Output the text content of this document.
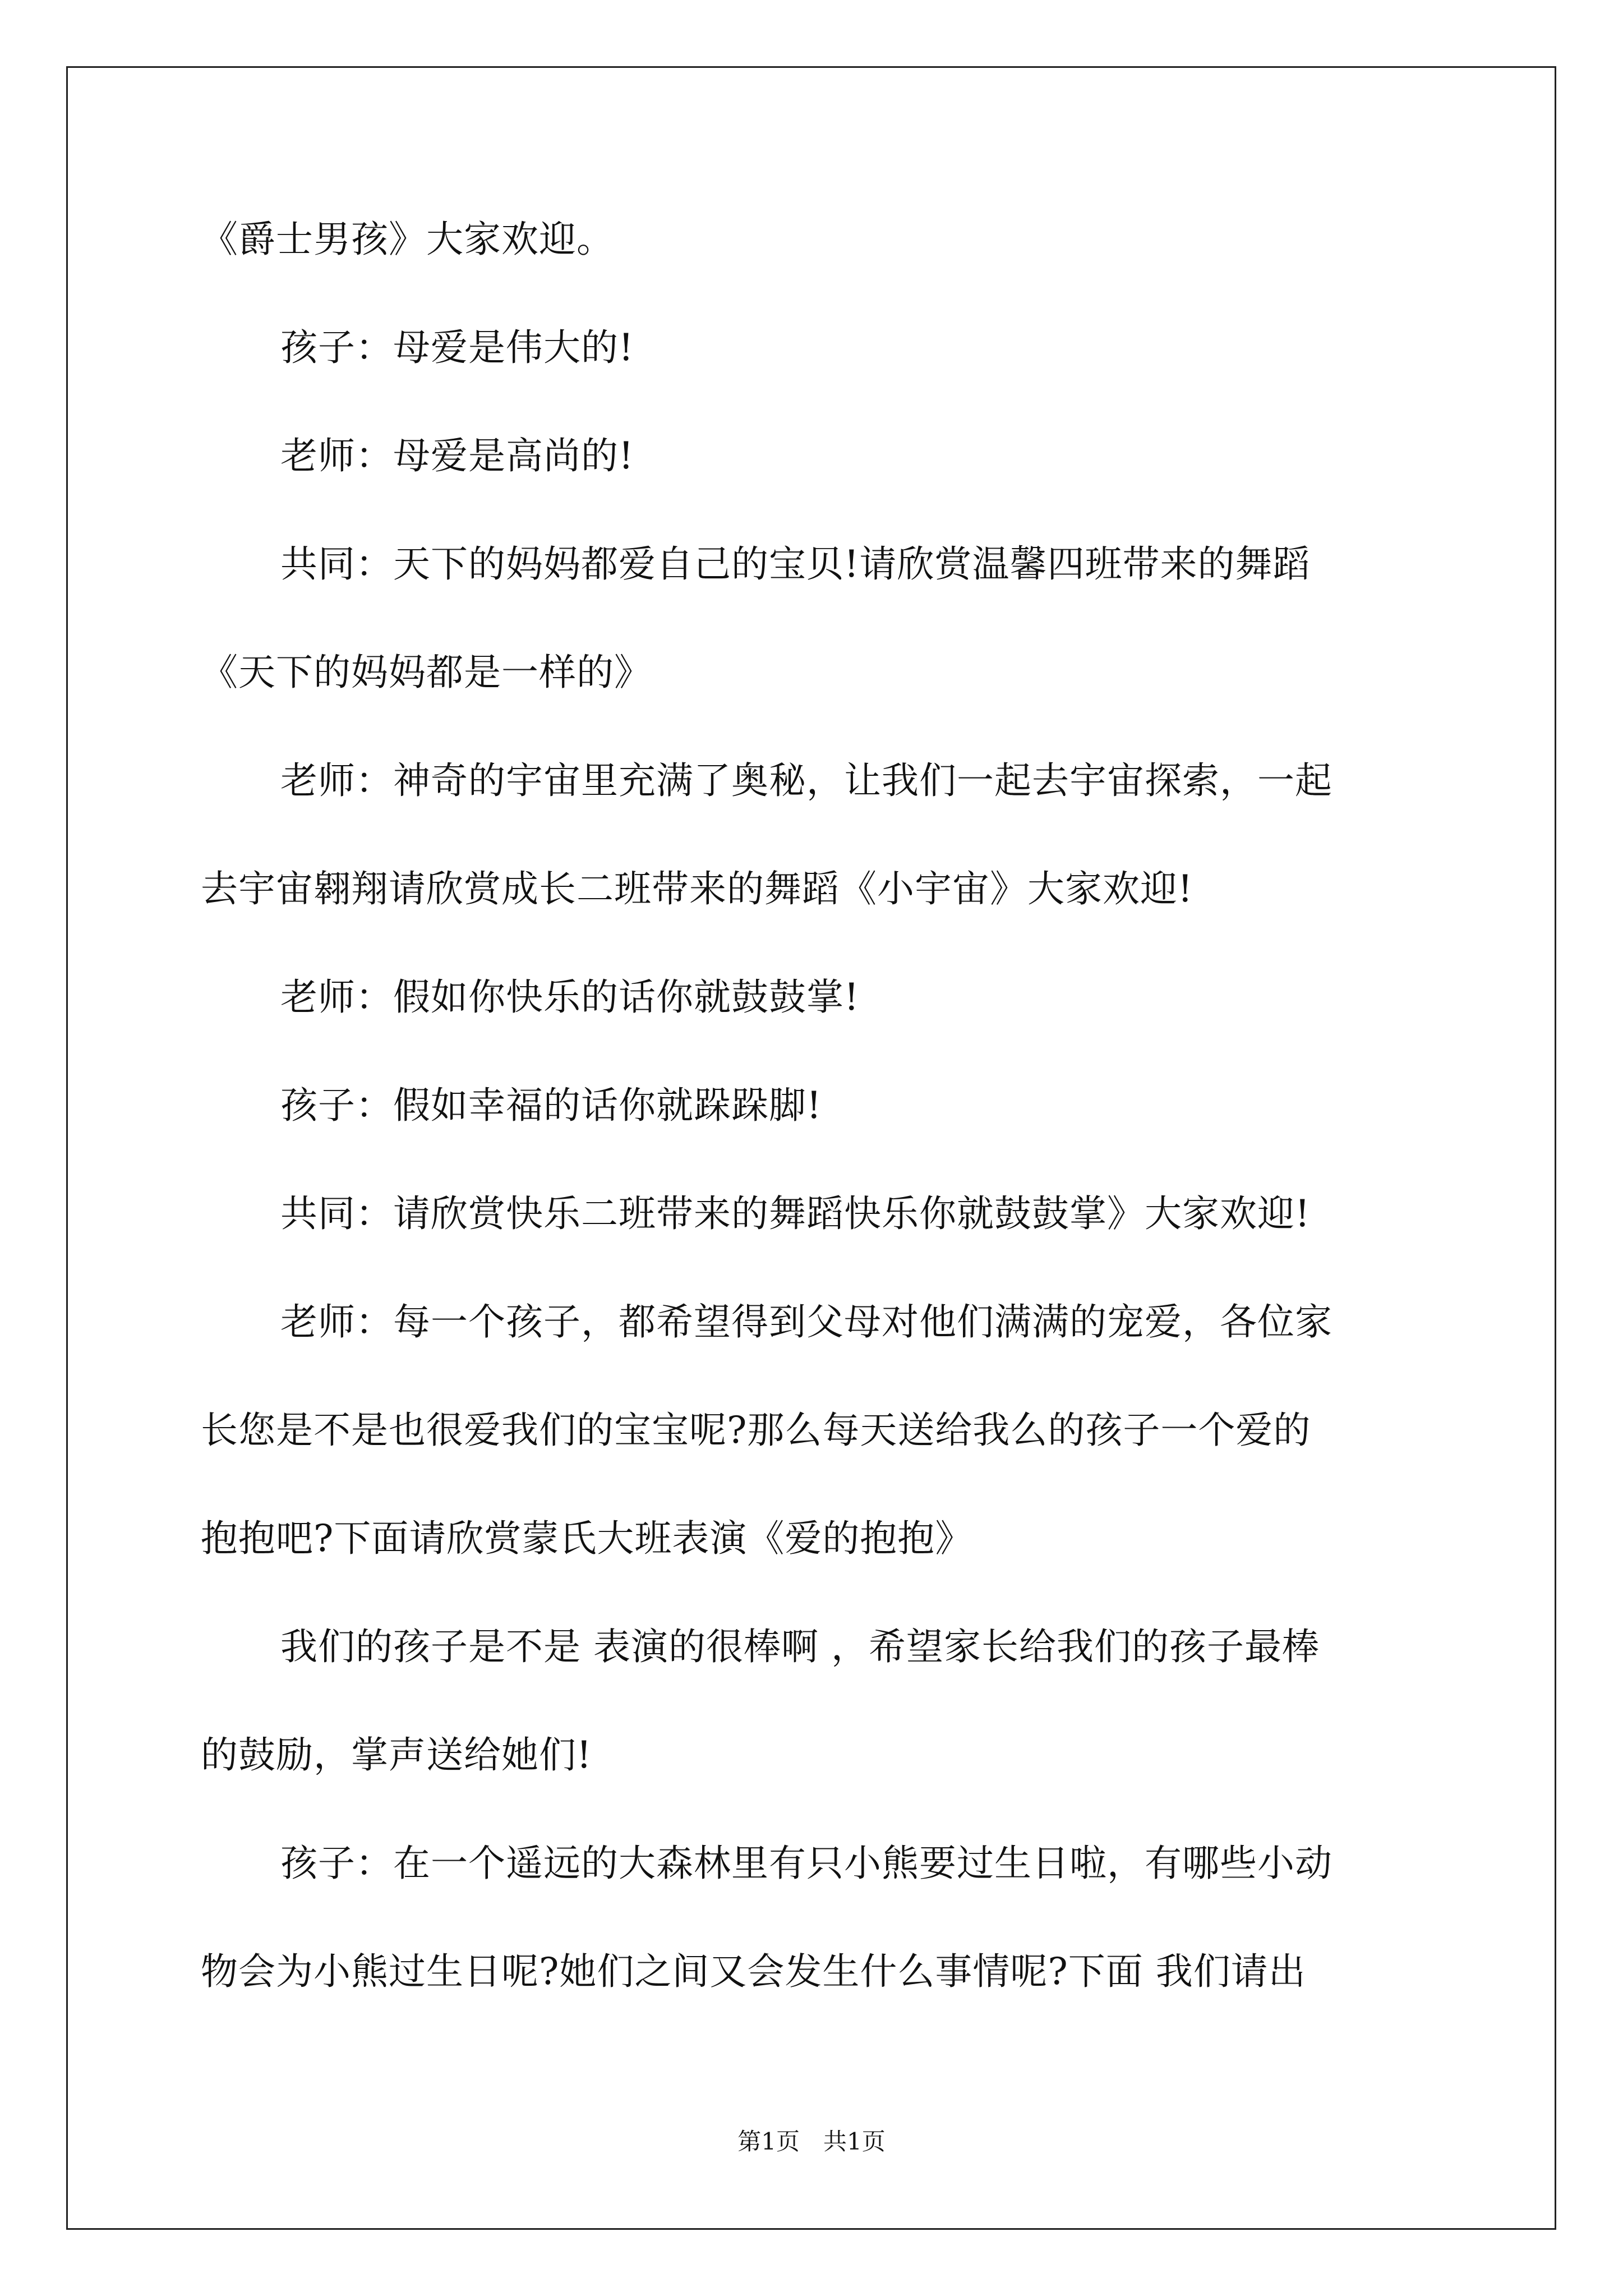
《爵士男孩》大家欢迎。
孩子：母爱是伟大的!
老师：母爱是高尚的!
共同：天下的妈妈都爱自己的宝贝!请欣赏温馨四班带来的舞蹈
《天下的妈妈都是一样的》
老师：神奇的宇宙里充满了奥秘，让我们一起去宇宙探索，一起
去宇宙翱翔请欣赏成长二班带来的舞蹈《小宇宙》大家欢迎!
老师：假如你快乐的话你就鼓鼓掌!
孩子：假如幸福的话你就跺跺脚!
共同：请欣赏快乐二班带来的舞蹈快乐你就鼓鼓掌》大家欢迎!
老师：每一个孩子，都希望得到父母对他们满满的宠爱，各位家
长您是不是也很爱我们的宝宝呢?那么每天送给我么的孩子一个爱的
抱抱吧?下面请欣赏蒙氏大班表演《爱的抱抱》
我们的孩子是不是 表演的很棒啊 ，希望家长给我们的孩子最棒
的鼓励，掌声送给她们!
孩子：在一个遥远的大森林里有只小熊要过生日啦，有哪些小动
物会为小熊过生日呢?她们之间又会发生什么事情呢?下面 我们请出
第1页　共1页
